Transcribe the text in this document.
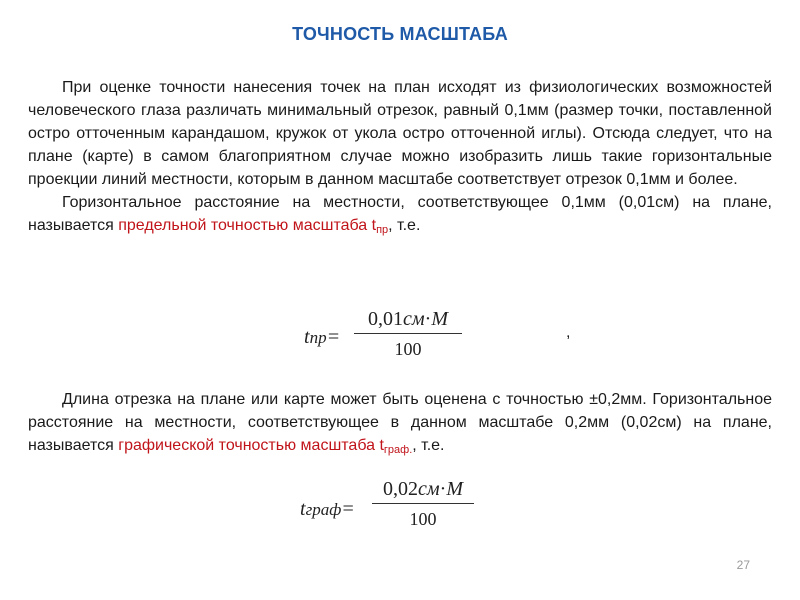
ТОЧНОСТЬ МАСШТАБА

При оценке точности нанесения точек на план исходят из физиологических возможностей человеческого глаза различать минимальный отрезок, равный 0,1мм (размер точки, поставленной остро отточенным карандашом, кружок от укола остро отточенной иглы). Отсюда следует, что на плане (карте) в самом благоприятном случае можно изобразить лишь такие горизонтальные проекции линий местности, которым в данном масштабе соответствует отрезок 0,1мм и более.

Горизонтальное расстояние на местности, соответствующее 0,1мм (0,01см) на плане, называется предельной точностью масштаба $t_{пр}$, т.е.

tпр=
0,01см·M
100
,

Длина отрезка на плане или карте может быть оценена с точностью ±0,2мм. Горизонтальное расстояние на местности, соответствующее в данном масштабе 0,2мм (0,02см) на плане, называется графической точностью масштаба $t_{граф.}$, т.е.

tграф=
0,02см·M
100
27
